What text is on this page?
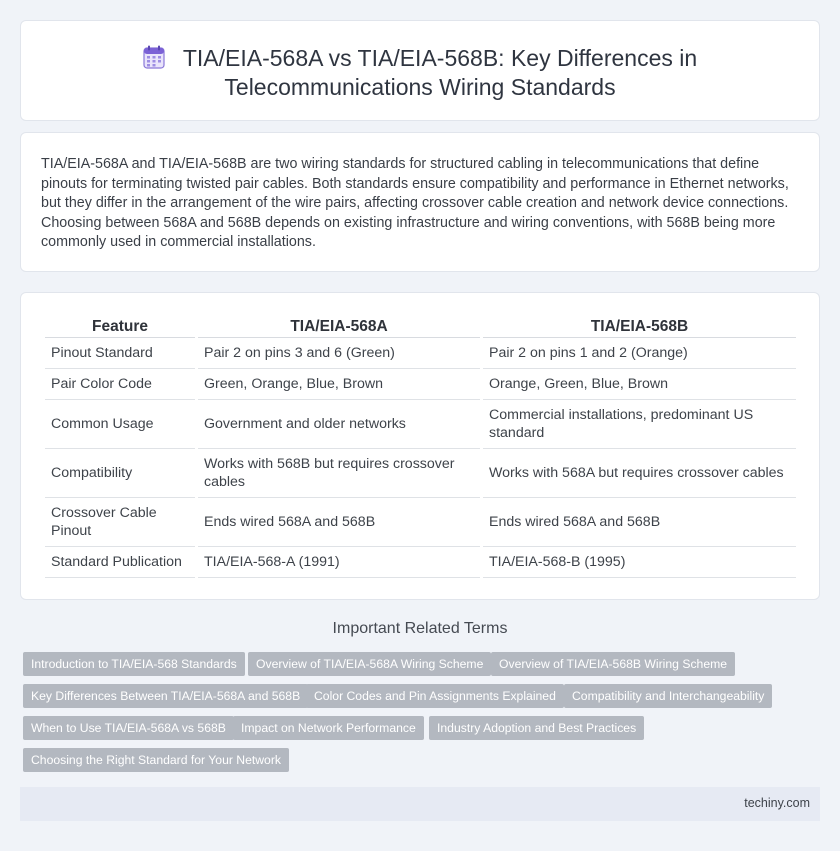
TIA/EIA-568A vs TIA/EIA-568B: Key Differences in
Telecommunications Wiring Standards

TIA/EIA-568A and TIA/EIA-568B are two wiring standards for structured cabling in telecommunications that define pinouts for terminating twisted pair cables. Both standards ensure compatibility and performance in Ethernet networks, but they differ in the arrangement of the wire pairs, affecting crossover cable creation and network device connections. Choosing between 568A and 568B depends on existing infrastructure and wiring conventions, with 568B being more commonly used in commercial installations.

Feature	TIA/EIA-568A	TIA/EIA-568B
Pinout Standard	Pair 2 on pins 3 and 6 (Green)	Pair 2 on pins 1 and 2 (Orange)
Pair Color Code	Green, Orange, Blue, Brown	Orange, Green, Blue, Brown
Common Usage	Government and older networks	Commercial installations, predominant US standard
Compatibility	Works with 568B but requires crossover cables	Works with 568A but requires crossover cables
Crossover Cable Pinout	Ends wired 568A and 568B	Ends wired 568A and 568B
Standard Publication	TIA/EIA-568-A (1991)	TIA/EIA-568-B (1995)
Important Related Terms
Introduction to TIA/EIA-568 Standards	Overview of TIA/EIA-568A Wiring Scheme	Overview of TIA/EIA-568B Wiring Scheme
Key Differences Between TIA/EIA-568A and 568B	Color Codes and Pin Assignments Explained	Compatibility and Interchangeability
When to Use TIA/EIA-568A vs 568B	Impact on Network Performance	Industry Adoption and Best Practices
Choosing the Right Standard for Your Network
techiny.com
